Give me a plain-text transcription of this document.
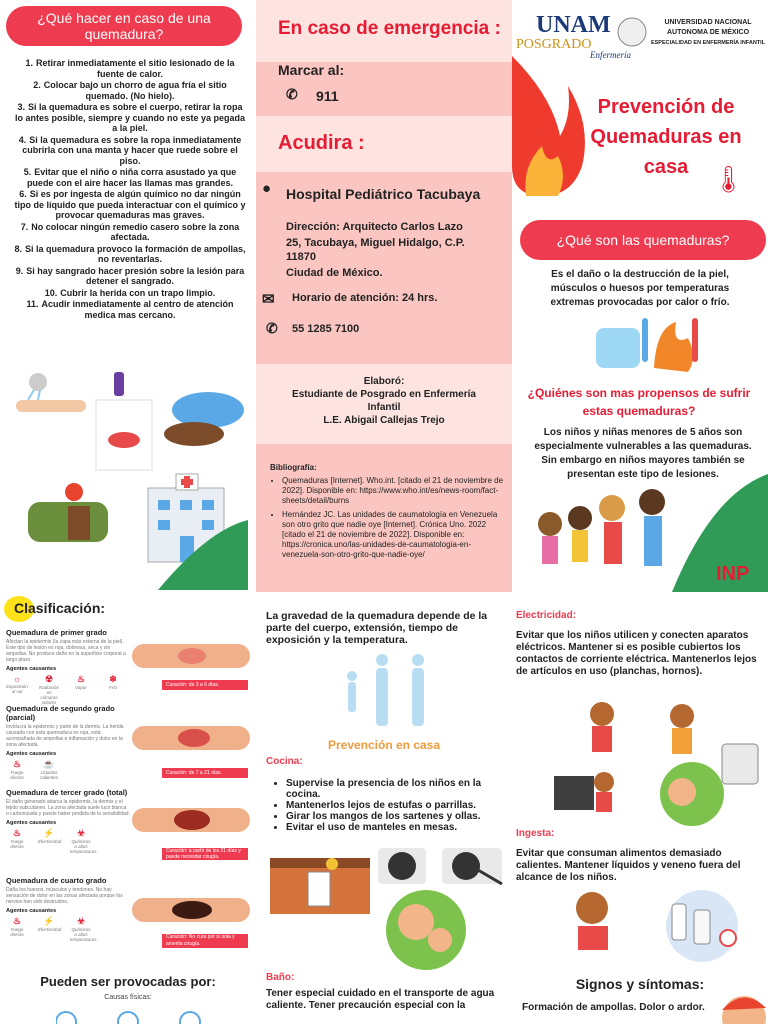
¿Qué hacer en caso de una quemadura?
1. Retirar inmediatamente el sitio lesionado de la fuente de calor.
2. Colocar bajo un chorro de agua fría el sitio quemado. (No hielo).
3. Si la quemadura es sobre el cuerpo, retirar la ropa lo antes posible, siempre y cuando no este ya pegada a la piel.
4. Si la quemadura es sobre la ropa inmediatamente cubrirla con una manta y hacer que ruede sobre el piso.
5. Evitar que el niño o niña corra asustado ya que puede con el aire hacer las llamas mas grandes.
6. Si es por ingesta de algún químico no dar ningún tipo de líquido que pueda interactuar con el químico y provocar quemaduras mas graves.
7. No colocar ningún remedio casero sobre la zona afectada.
8. Si la quemadura provoco la formación de ampollas, no reventarlas.
9. Si hay sangrado hacer presión sobre la lesión para detener el sangrado.
10. Cubrir la herida con un trapo limpio.
11. Acudir inmediatamente al centro de atención medica mas cercano.
En caso de emergencia :
Marcar al:
✆ 911
Acudira :
● Hospital Pediátrico Tacubaya
Dirección: Arquitecto Carlos Lazo
25, Tacubaya, Miguel Hidalgo, C.P.
11870
Ciudad de México.
✉ Horario de atención: 24 hrs.
✆ 55 1285 7100
Elaboró:
Estudiante de Posgrado en Enfermería
Infantil
L.E. Abigail Callejas Trejo
Bibliografía:
• Quemaduras [Internet]. Who.int. [citado el 21 de noviembre de 2022]. Disponible en: https://www.who.int/es/news-room/fact-sheets/detail/burns
• Hernández JC. Las unidades de caumatología en Venezuela son otro grito que nadie oye [Internet]. Crónica Uno. 2022 [citado el 21 de noviembre de 2022]. Disponible en: https://cronica.uno/las-unidades-de-caumatologia-en-venezuela-son-otro-grito-que-nadie-oye/
UNAM
POSGRADO
Enfermería
UNIVERSIDAD NACIONAL
AUTONOMA DE MÉXICO
ESPECIALIDAD EN ENFERMERÍA INFANTIL
Prevención de Quemaduras en casa 🌡
¿Qué son las quemaduras?
Es el daño o la destrucción de la piel, músculos o huesos por temperaturas extremas provocadas por calor o frío.
¿Quiénes son mas propensos de sufrir estas quemaduras?
Los niños y niñas menores de 5 años son especialmente vulnerables a las quemaduras. Sin embargo en niños mayores también se presentan este tipo de lesiones.
INP
Clasificación:
Quemadura de primer grado

Afectan la epidermis (la capa más externa de la piel). Este tipo de lesión es roja, dolorosa, seca y sin ampollas. No produce daño en la superficie corporal a largo plazo.

Agentes causantes
☼
Exposición al sol
☢
Radiación en cámaras solares
♨
Vapor
❄
Frío	Curación: de 3 a 6 días.
Quemadura de segundo grado (parcial)

Involucra la epidermis y parte de la dermis. La herida causada con esta quemadura es roja, está acompañada de ampollas e inflamación y dolor en la zona afectada.

Agentes causantes
♨
Fuego directo
☕
Líquidos calientes
Curación: de 7 a 21 días.
Quemadura de tercer grado (total)

El daño generado abarca la epidermis, la dermis y el tejido subcutáneo. La zona afectada suele lucir blanca o carbonizada y puede haber pérdida de la sensibilidad.

Agentes causantes
♨
Fuego directo
⚡
Electricidad
☣
Químicos a altas temperaturas	Curación: a partir de los 21 días y puede necesitar cirugía.
Quemadura de cuarto grado

Daña los huesos, músculos y tendones. No hay sensación de dolor en las zonas afectada porque los nervios han sido destruidos.

Agentes causantes
♨
Fuego directo
⚡
Electricidad
☣
Químicos a altas temperaturas	Curación: No cura por sí sola y amerita cirugía.
Pueden ser provocadas por:
Causas físicas:
La gravedad de la quemadura depende de la parte del cuerpo, extensión, tiempo de exposición y la temperatura.
Prevención en casa
Cocina:
• Supervise la presencia de los niños en la cocina.
• Mantenerlos lejos de estufas o parrillas.
• Girar los mangos de los sartenes y ollas.
• Evitar el uso de manteles en mesas.
Baño:
Tener especial cuidado en el transporte de agua caliente. Tener precaución especial con la
Electricidad:
Evitar que los niños utilicen y conecten aparatos eléctricos. Mantener si es posible cubiertos los contactos de corriente eléctrica. Mantenerlos lejos de artículos en uso (planchas, hornos).
Ingesta:
Evitar que consuman alimentos demasiado calientes. Mantener líquidos y veneno fuera del alcance de los niños.
Signos y síntomas:
Formación de ampollas. Dolor o ardor.
